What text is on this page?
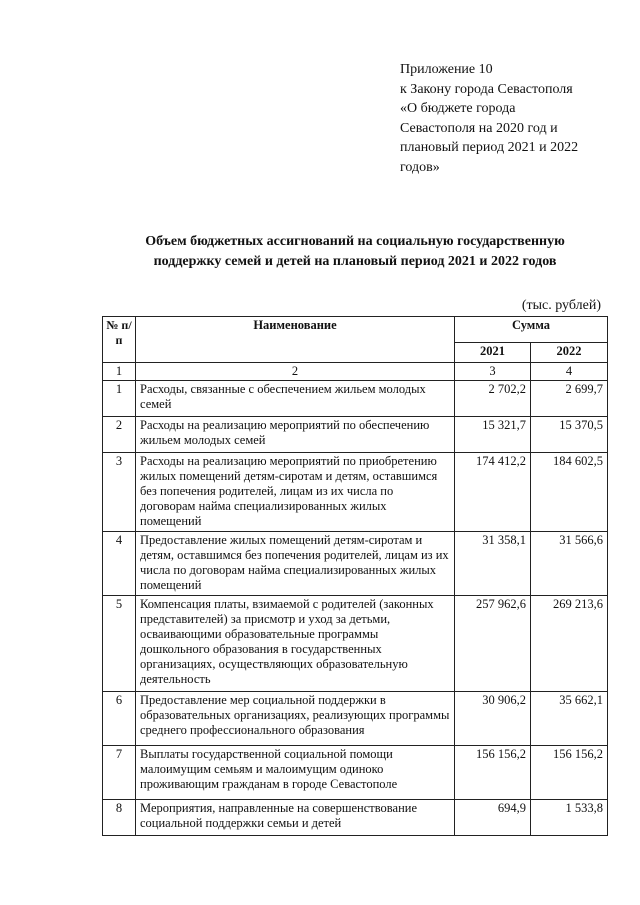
Приложение 10
к Закону города Севастополя
«О бюджете города
Севастополя на 2020 год и
плановый период 2021 и 2022
годов»
Объем бюджетных ассигнований на социальную государственную
поддержку семей и детей на плановый период 2021 и 2022 годов
(тыс. рублей)
№ п/п	Наименование	Сумма	
		2021	2022
1	2	3	4
1	Расходы, связанные с обеспечением жильем молодых семей	2 702,2	2 699,7
2	Расходы на реализацию мероприятий по обеспечению жильем молодых семей	15 321,7	15 370,5
3	Расходы на реализацию мероприятий по приобретению жилых помещений детям-сиротам и детям, оставшимся без попечения родителей, лицам из их числа по договорам найма специализированных жилых помещений	174 412,2	184 602,5
4	Предоставление жилых помещений детям-сиротам и детям, оставшимся без попечения родителей, лицам из их числа по договорам найма специализированных жилых помещений	31 358,1	31 566,6
5	Компенсация платы, взимаемой с родителей (законных представителей) за присмотр и уход за детьми, осваивающими образовательные программы дошкольного образования в государственных организациях, осуществляющих образовательную деятельность	257 962,6	269 213,6
6	Предоставление мер социальной поддержки в образовательных организациях, реализующих программы среднего профессионального образования	30 906,2	35 662,1
7	Выплаты государственной социальной помощи малоимущим семьям и малоимущим одиноко проживающим гражданам в городе Севастополе	156 156,2	156 156,2
8	Мероприятия, направленные на совершенствование социальной поддержки семьи и детей	694,9	1 533,8
